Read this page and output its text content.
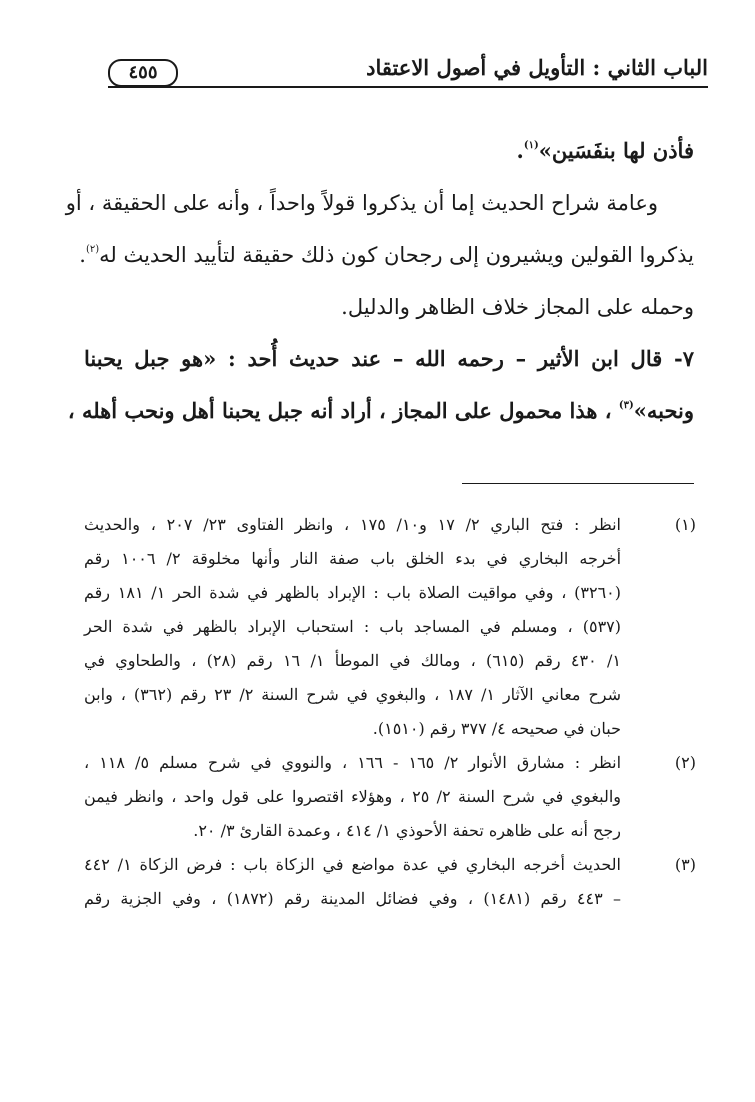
الباب الثاني : التأويل في أصول الاعتقاد
٤٥٥
فأذن لها بنفَسَين»$^{(١)}$.
وعامة شراح الحديث إما أن يذكروا قولاً واحداً ، وأنه على الحقيقة ، أو
يذكروا القولين ويشيرون إلى رجحان كون ذلك حقيقة لتأييد الحديث له$^{(٢)}$.
وحمله على المجاز خلاف الظاهر والدليل.
٧- قال ابن الأثير – رحمه الله – عند حديث أُحد : «هو جبل يحبنا
ونحبه»$^{(٣)}$ ، هذا محمول على المجاز ، أراد أنه جبل يحبنا أهل ونحب أهله ،
(١)
انظر : فتح الباري ٢/ ١٧ و١٠/ ١٧٥ ، وانظر الفتاوى ٢٣/ ٢٠٧ ، والحديث
أخرجه البخاري في بدء الخلق باب صفة النار وأنها مخلوقة ٢/ ١٠٠٦ رقم
(٣٢٦٠) ، وفي مواقيت الصلاة باب : الإبراد بالظهر في شدة الحر ١/ ١٨١ رقم
(٥٣٧) ، ومسلم في المساجد باب : استحباب الإبراد بالظهر في شدة الحر
١/ ٤٣٠ رقم (٦١٥) ، ومالك في الموطأ ١/ ١٦ رقم (٢٨) ، والطحاوي في
شرح معاني الآثار ١/ ١٨٧ ، والبغوي في شرح السنة ٢/ ٢٣ رقم (٣٦٢) ، وابن
حبان في صحيحه ٤/ ٣٧٧ رقم (١٥١٠).
(٢)
انظر : مشارق الأنوار ٢/ ١٦٥ - ١٦٦ ، والنووي في شرح مسلم ٥/ ١١٨ ،
والبغوي في شرح السنة ٢/ ٢٥ ، وهؤلاء اقتصروا على قول واحد ، وانظر فيمن
رجح أنه على ظاهره تحفة الأحوذي ١/ ٤١٤ ، وعمدة القارئ ٣/ ٢٠.
(٣)
الحديث أخرجه البخاري في عدة مواضع في الزكاة باب : فرض الزكاة ١/ ٤٤٢
– ٤٤٣ رقم (١٤٨١) ، وفي فضائل المدينة رقم (١٨٧٢) ، وفي الجزية رقم
